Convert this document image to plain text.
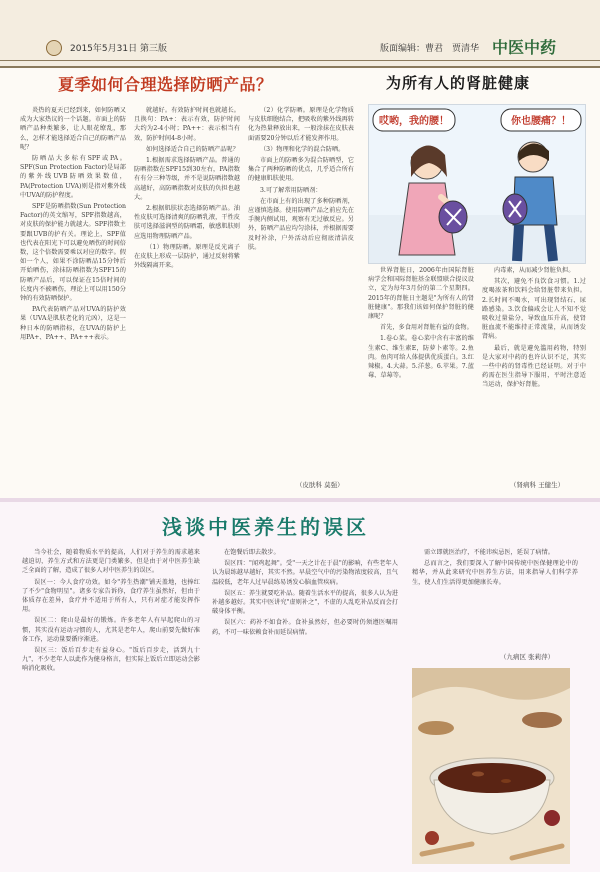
2015年5月31日 第三版	版面编辑：曹君　贾清华 中医中药
夏季如何合理选择防晒产品？

炎热的夏天已经到来，如何防晒又成为大家热议的一个话题。市面上的防晒产品种类繁多，让人眼花缭乱，那么，怎样才能选择适合自己的防晒产品呢？

防晒品大多标有SPF或PA。SPF(Sun Protection Factor)是局部的紫外线UVB防晒效果数值，PA(Protection UVA)则是指对紫外线中UVA的防护程度。

SPF是防晒指数(Sun Protection Factor)的英文缩写，SPF指数越高，对皮肤的保护能力就越大。SPF指数主要跟UVB的护有关。理论上，SPF值也代表在阳光下可以避免晒伤的时间倍数，这个倍数需要乘以对应的数字。假如一个人，如果不涂防晒品15分钟后开始晒伤，涂抹防晒指数为SPF15的防晒产品后，可以保证在15倍时间的长度内不被晒伤，理论上可以用150分钟的有效防晒保护。

PA代表防晒产品对UVA的防护效果（UVA是肌肤老化的元凶），这是一种日本的防晒指标，在UVA的防护上用PA+、PA++、PA+++表示。

就越好。有效防护时间也就越长。且换句：PA+：表示有效，防护时间大约为2-4小时；PA++：表示相当有效，防护时间4-8小时。

如何选择适合自己的防晒产品呢？

1.根据需求选择防晒产品。普通的防晒指数在SPF15到30左右，PA指数有有分三种等级，并不是说防晒指数越高越好，高防晒指数对皮肤的负担也越大。

2.根据肌肤状态选择防晒产品。油性皮肤可选择清爽的防晒乳液，干性皮肤可选择滋润型的防晒霜，敏感肌肤则应选用物理防晒产品。

（1）物理防晒。原理是反光离子在皮肤上形成一层防护，通过反射将紫外线隔离开来。

（2）化学防晒。原理是化学物质与皮肤细胞结合，把吸收的紫外线再转化为热量释放出来，一般涂抹在皮肤表面需要20分钟以后才能发挥作用。

（3）物理和化学的混合防晒。

市面上的防晒多为混合防晒型，它集合了两种防晒的优点，几乎适合所有的健康肌肤使用。

3.可了解常用防晒剂：

在市面上有的出现了多种防晒剂，应谨慎选择。使用防晒产品之前应先在手腕内侧试用，观察有无过敏反应。另外，防晒产品应均匀涂抹，并根据需要及时补涂，户外活动后应彻底清洁皮肤。

（皮肤科 莫强）
为所有人的肾脏健康
哎哟，我的腰！	你也腰痛？！

世界肾脏日，2006年由国际肾脏病学会和国际肾脏基金联盟联合提议设立，定为每年3月份的第二个星期四。2015年的肾脏日主题是"为所有人的肾脏健康"。那我们该如何保护肾脏的健康呢？

首先，多食用对肾脏有益的食物。

1.卷心菜。卷心菜中含有丰富的维生素C、维生素E，防萝卜素等。2.鱼肉。鱼肉可给人体提供优质蛋白。3.红辣椒。4.大蒜。5.洋葱。6.苹果。7.蓝莓、草莓等。

内毒素，从而减少肾脏负担。

其次，避免不良饮食习惯。1.过度喝浓茶和饮料会给肾脏带来负担。2.长时间不喝水，可出现肾结石、尿路感染。3.饮食偏咸会让人不知不觉吸收过量盐分，导致血压升高，使肾脏血流不能维持正常流量，从而诱发肾病。

最后，就是避免滥用药物，特别是大家对中药的也许认识不足，其实一些中药的肾毒性已经证明。对于中药需在医生指导下服用，平时注意适当运动，保护好肾脏。

（肾病科 王健生）
浅谈中医养生的误区

当今社会，随着物质水平的提高，人们对于养生的需求越来越迫切，养生方式和方法更是门类繁多，但是由于对中医养生缺乏全面的了解，造成了很多人对中医养生的误区。

误区一：今人食疗功效。如今"养生热潮"铺天盖地，也捧红了不少"食物明星"。诸多专家告诉你，食疗养生虽然好，但由于体质存在差异，食疗并不适用于所有人，只有对症才能发挥作用。

误区二：爬山是最好的锻炼。许多老年人有早起爬山的习惯，其实没有运动习惯的人，尤其是老年人，爬山前要先做好准备工作，运动量要循序渐进。

误区三：饭后百步走有益身心。"饭后百步走，活到九十九"，不少老年人以此作为健身格言，但实际上饭后立即运动会影响消化吸收。

在饱餐后即去散步。

误区四："闻鸡起舞"。受"一天之计在于晨"的影响，有些老年人认为晨练越早越好，其实不然。早晨空气中的污染物浓度较高，且气温较低，老年人过早晨练易诱发心脑血管疾病。

误区五：养生就要吃补品。随着生活水平的提高，很多人认为进补越多越好。其实中医讲究"虚则补之"，不虚的人乱吃补品反而会打破身体平衡。

误区六：药补不如食补。食补虽然好，但必要时仍须遵医嘱用药，不可一味依赖食补而延误病情。

需立即就医治疗，不能讳疾忌医，延误了病情。

总而言之，我们要深入了解中国传统中医保健理论中的精华，并从此来研究中医养生方法，用来指导人们科学养生，使人们生活得更加健康长寿。

（九病区 张莉萍）
